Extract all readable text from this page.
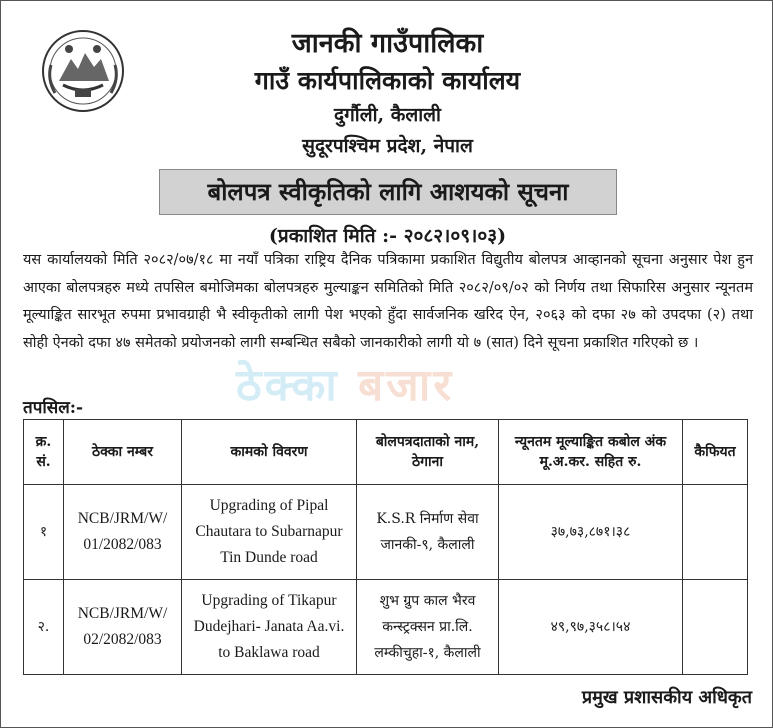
जानकी गाउँपालिका
गाउँ कार्यपालिकाको कार्यालय
दुर्गौली, कैलाली
सुदूरपश्चिम प्रदेश, नेपाल
बोलपत्र स्वीकृतिको लागि आशयको सूचना
(प्रकाशित मिति :- २०८२।०९।०३)
यस कार्यालयको मिति २०८२/०७/१८ मा नयाँ पत्रिका राष्ट्रिय दैनिक पत्रिकामा प्रकाशित विद्युतीय बोलपत्र आव्हानको सूचना अनुसार पेश हुन आएका बोलपत्रहरु मध्ये तपसिल बमोजिमका बोलपत्रहरु मुल्याङ्कन समितिको मिति २०८२/०९/०२ को निर्णय तथा सिफारिस अनुसार न्यूनतम मूल्याङ्कित सारभूत रुपमा प्रभावग्राही भै स्वीकृतीको लागी पेश भएको हुँदा सार्वजनिक खरिद ऐन, २०६३ को दफा २७ को उपदफा (२) तथा सोही ऐनको दफा ४७ समेतको प्रयोजनको लागी सम्बन्धित सबैको जानकारीको लागी यो ७ (सात) दिने सूचना प्रकाशित गरिएको छ ।
ठेक्का बजार
तपसिल:-
क्र. सं.	ठेक्का नम्बर	कामको विवरण	बोलपत्रदाताको नाम, ठेगाना	न्यूनतम मूल्याङ्कित कबोल अंक मू.अ.कर. सहित रु.	कैफियत
१	NCB/JRM/W/ 01/2082/083	Upgrading of Pipal Chautara to Subarnapur Tin Dunde road	K.S.R निर्माण सेवा जानकी-९, कैलाली	३७,७३,८७१।३८	
२.	NCB/JRM/W/ 02/2082/083	Upgrading of Tikapur Dudejhari- Janata Aa.vi. to Baklawa road	शुभ ग्रुप काल भैरव कन्स्ट्रक्सन प्रा.लि. लम्कीचुहा-१, कैलाली	४९,९७,३५८।५४	
प्रमुख प्रशासकीय अधिकृत
